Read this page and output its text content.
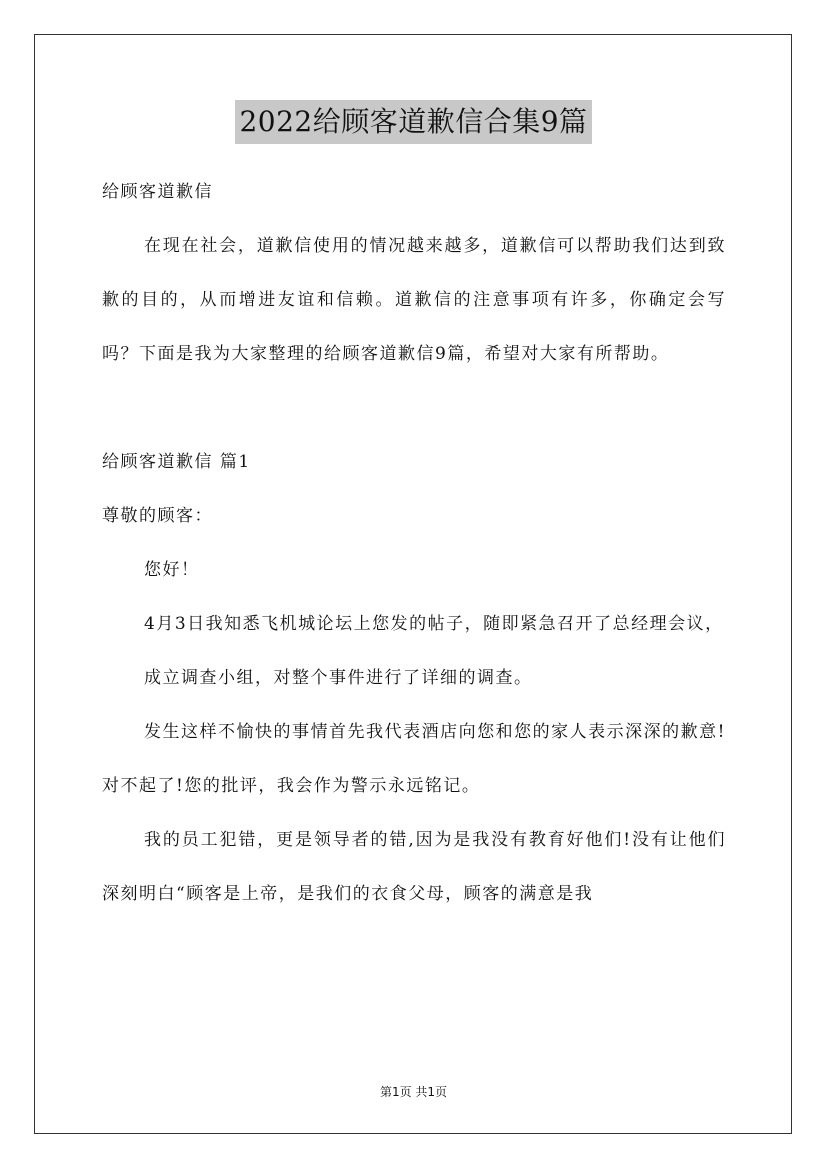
2022给顾客道歉信合集9篇

给顾客道歉信

在现在社会，道歉信使用的情况越来越多，道歉信可以帮助我们达到致歉的目的，从而增进友谊和信赖。道歉信的注意事项有许多，你确定会写吗？下面是我为大家整理的给顾客道歉信9篇，希望对大家有所帮助。

给顾客道歉信 篇1

尊敬的顾客：

您好！

4月3日我知悉飞机城论坛上您发的帖子，随即紧急召开了总经理会议，

成立调查小组，对整个事件进行了详细的调查。

发生这样不愉快的事情首先我代表酒店向您和您的家人表示深深的歉意!对不起了!您的批评，我会作为警示永远铭记。

我的员工犯错，更是领导者的错,因为是我没有教育好他们!没有让他们深刻明白“顾客是上帝，是我们的衣食父母，顾客的满意是我

第1页 共1页
